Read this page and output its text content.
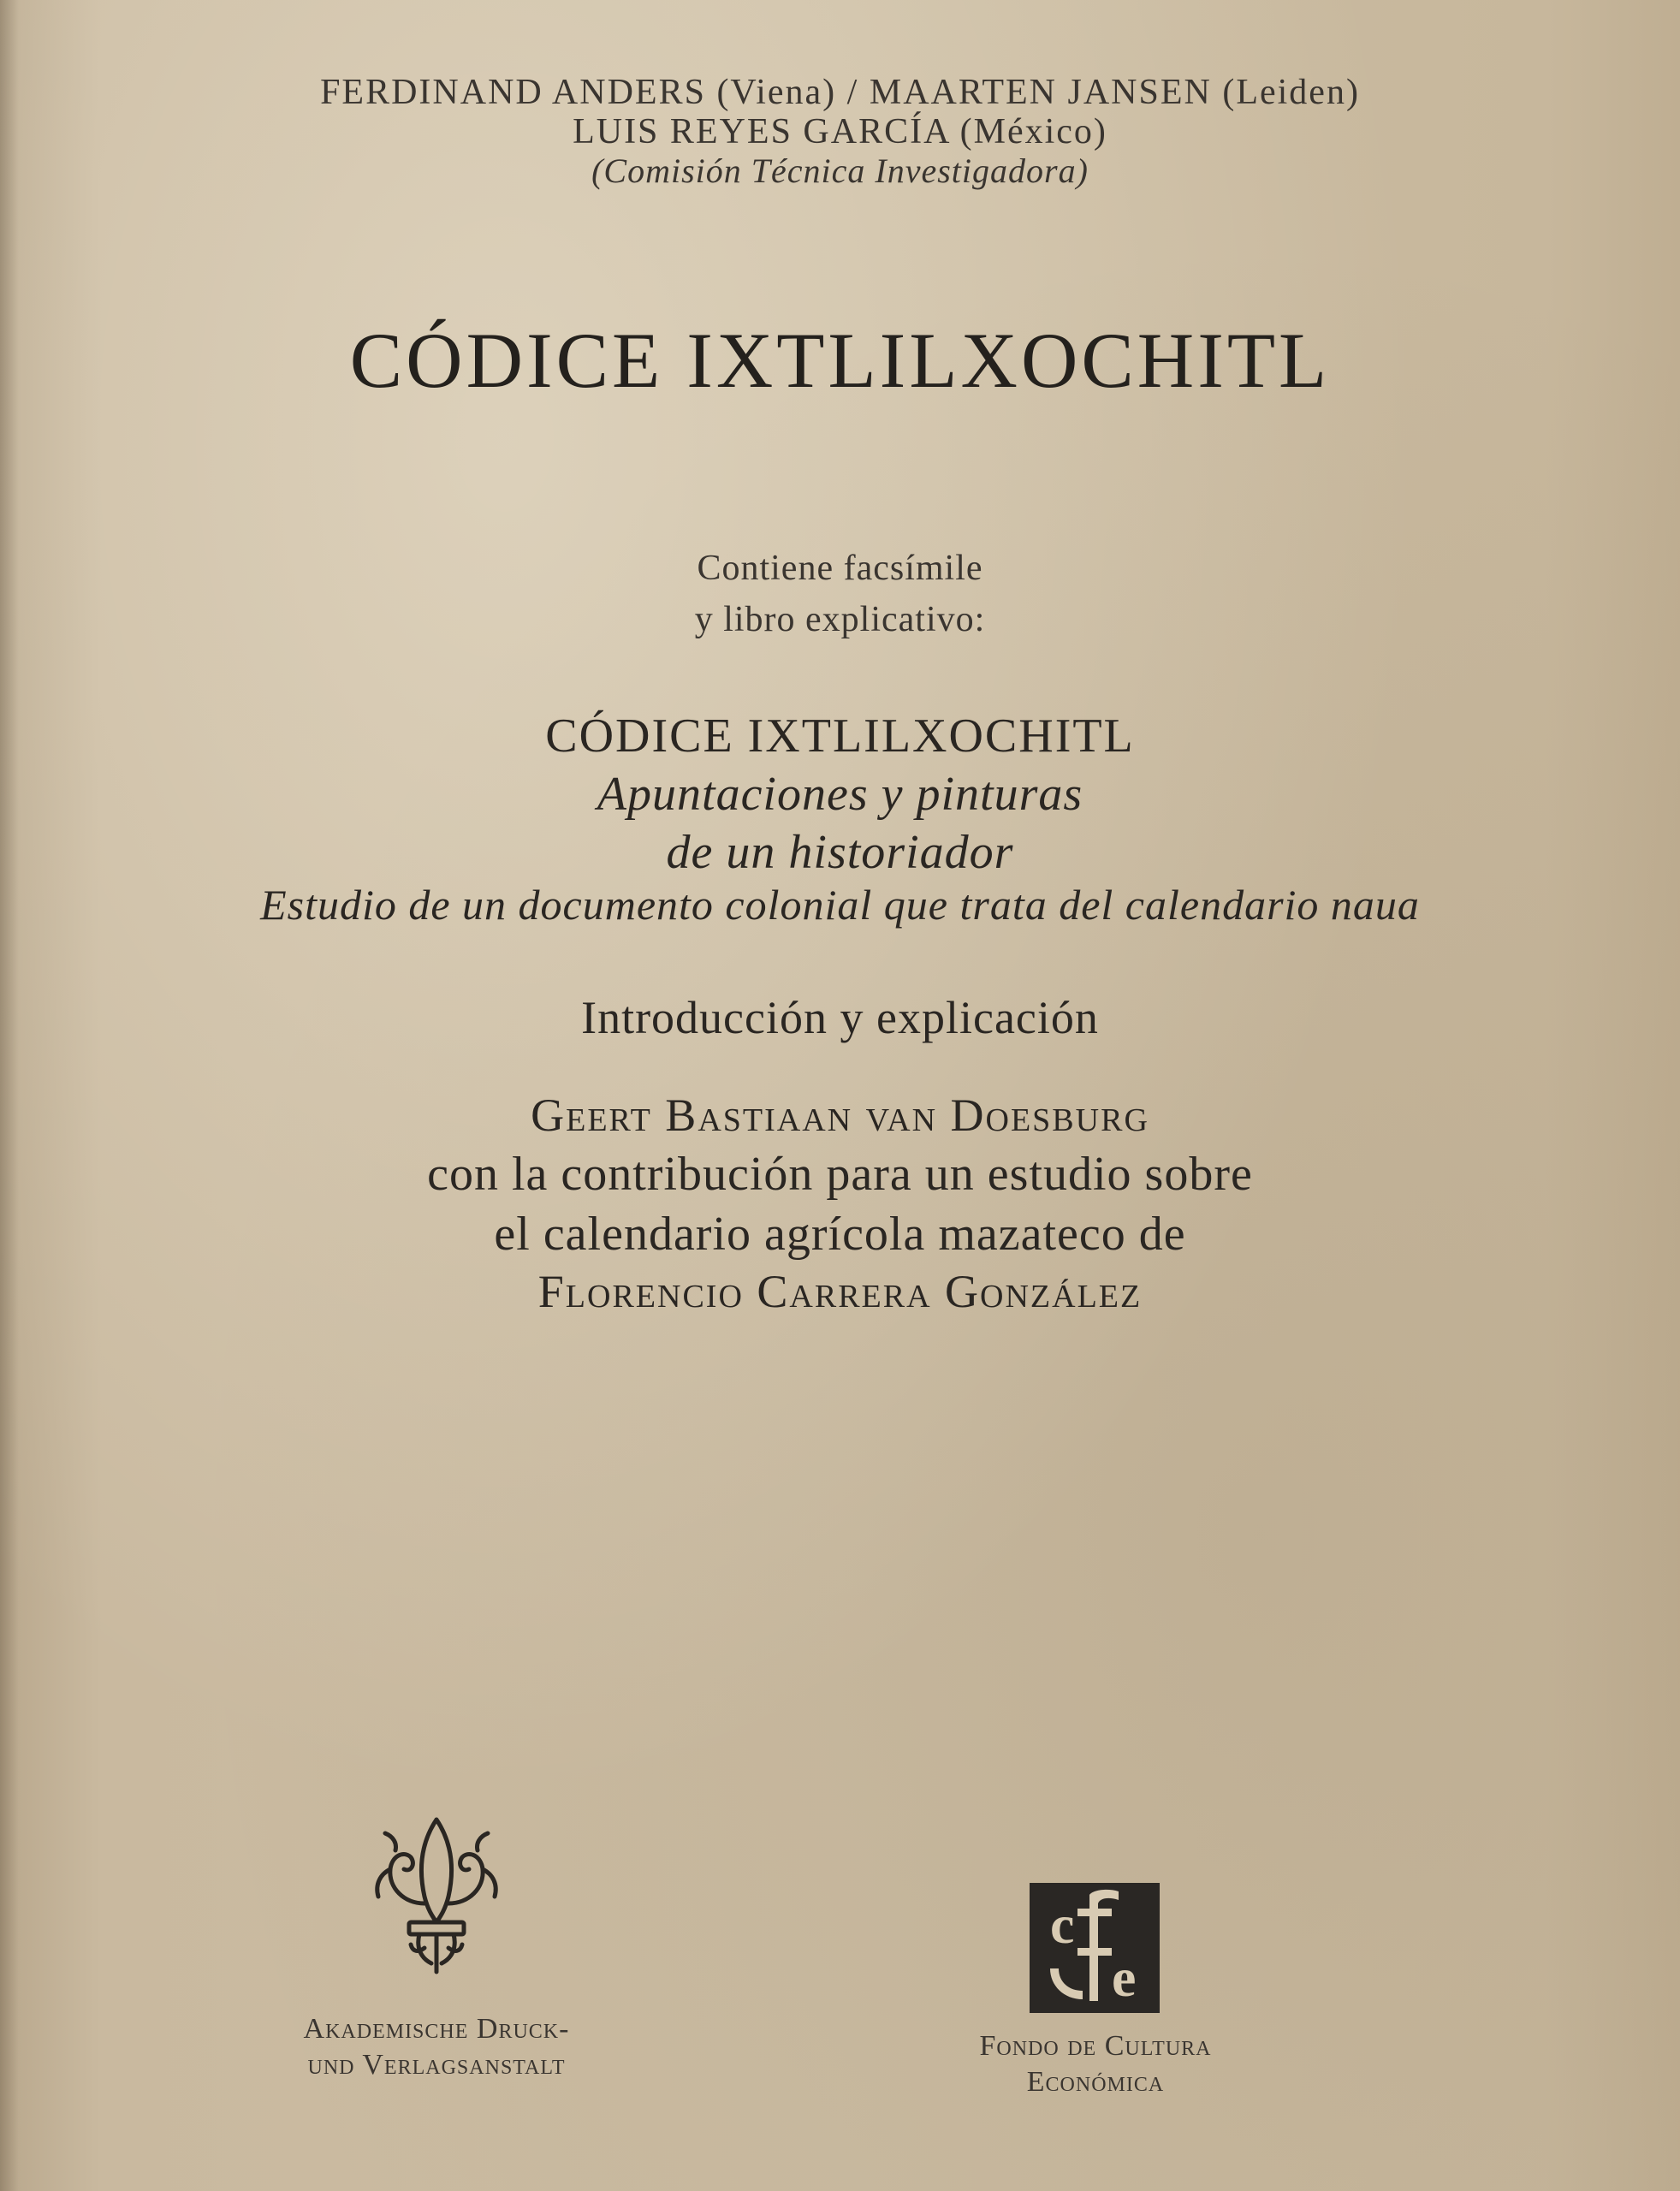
FERDINAND ANDERS (Viena) / MAARTEN JANSEN (Leiden)
LUIS REYES GARCÍA (México)
(Comisión Técnica Investigadora)
CÓDICE IXTLILXOCHITL
Contiene facsímile
y libro explicativo:
CÓDICE IXTLILXOCHITL
Apuntaciones y pinturas
de un historiador
Estudio de un documento colonial que trata del calendario naua
Introducción y explicación
Geert Bastiaan van Doesburg
con la contribución para un estudio sobre
el calendario agrícola mazateco de
Florencio Carrera González
Akademische Druck-
und Verlagsanstalt
c
e
Fondo de Cultura
Económica
